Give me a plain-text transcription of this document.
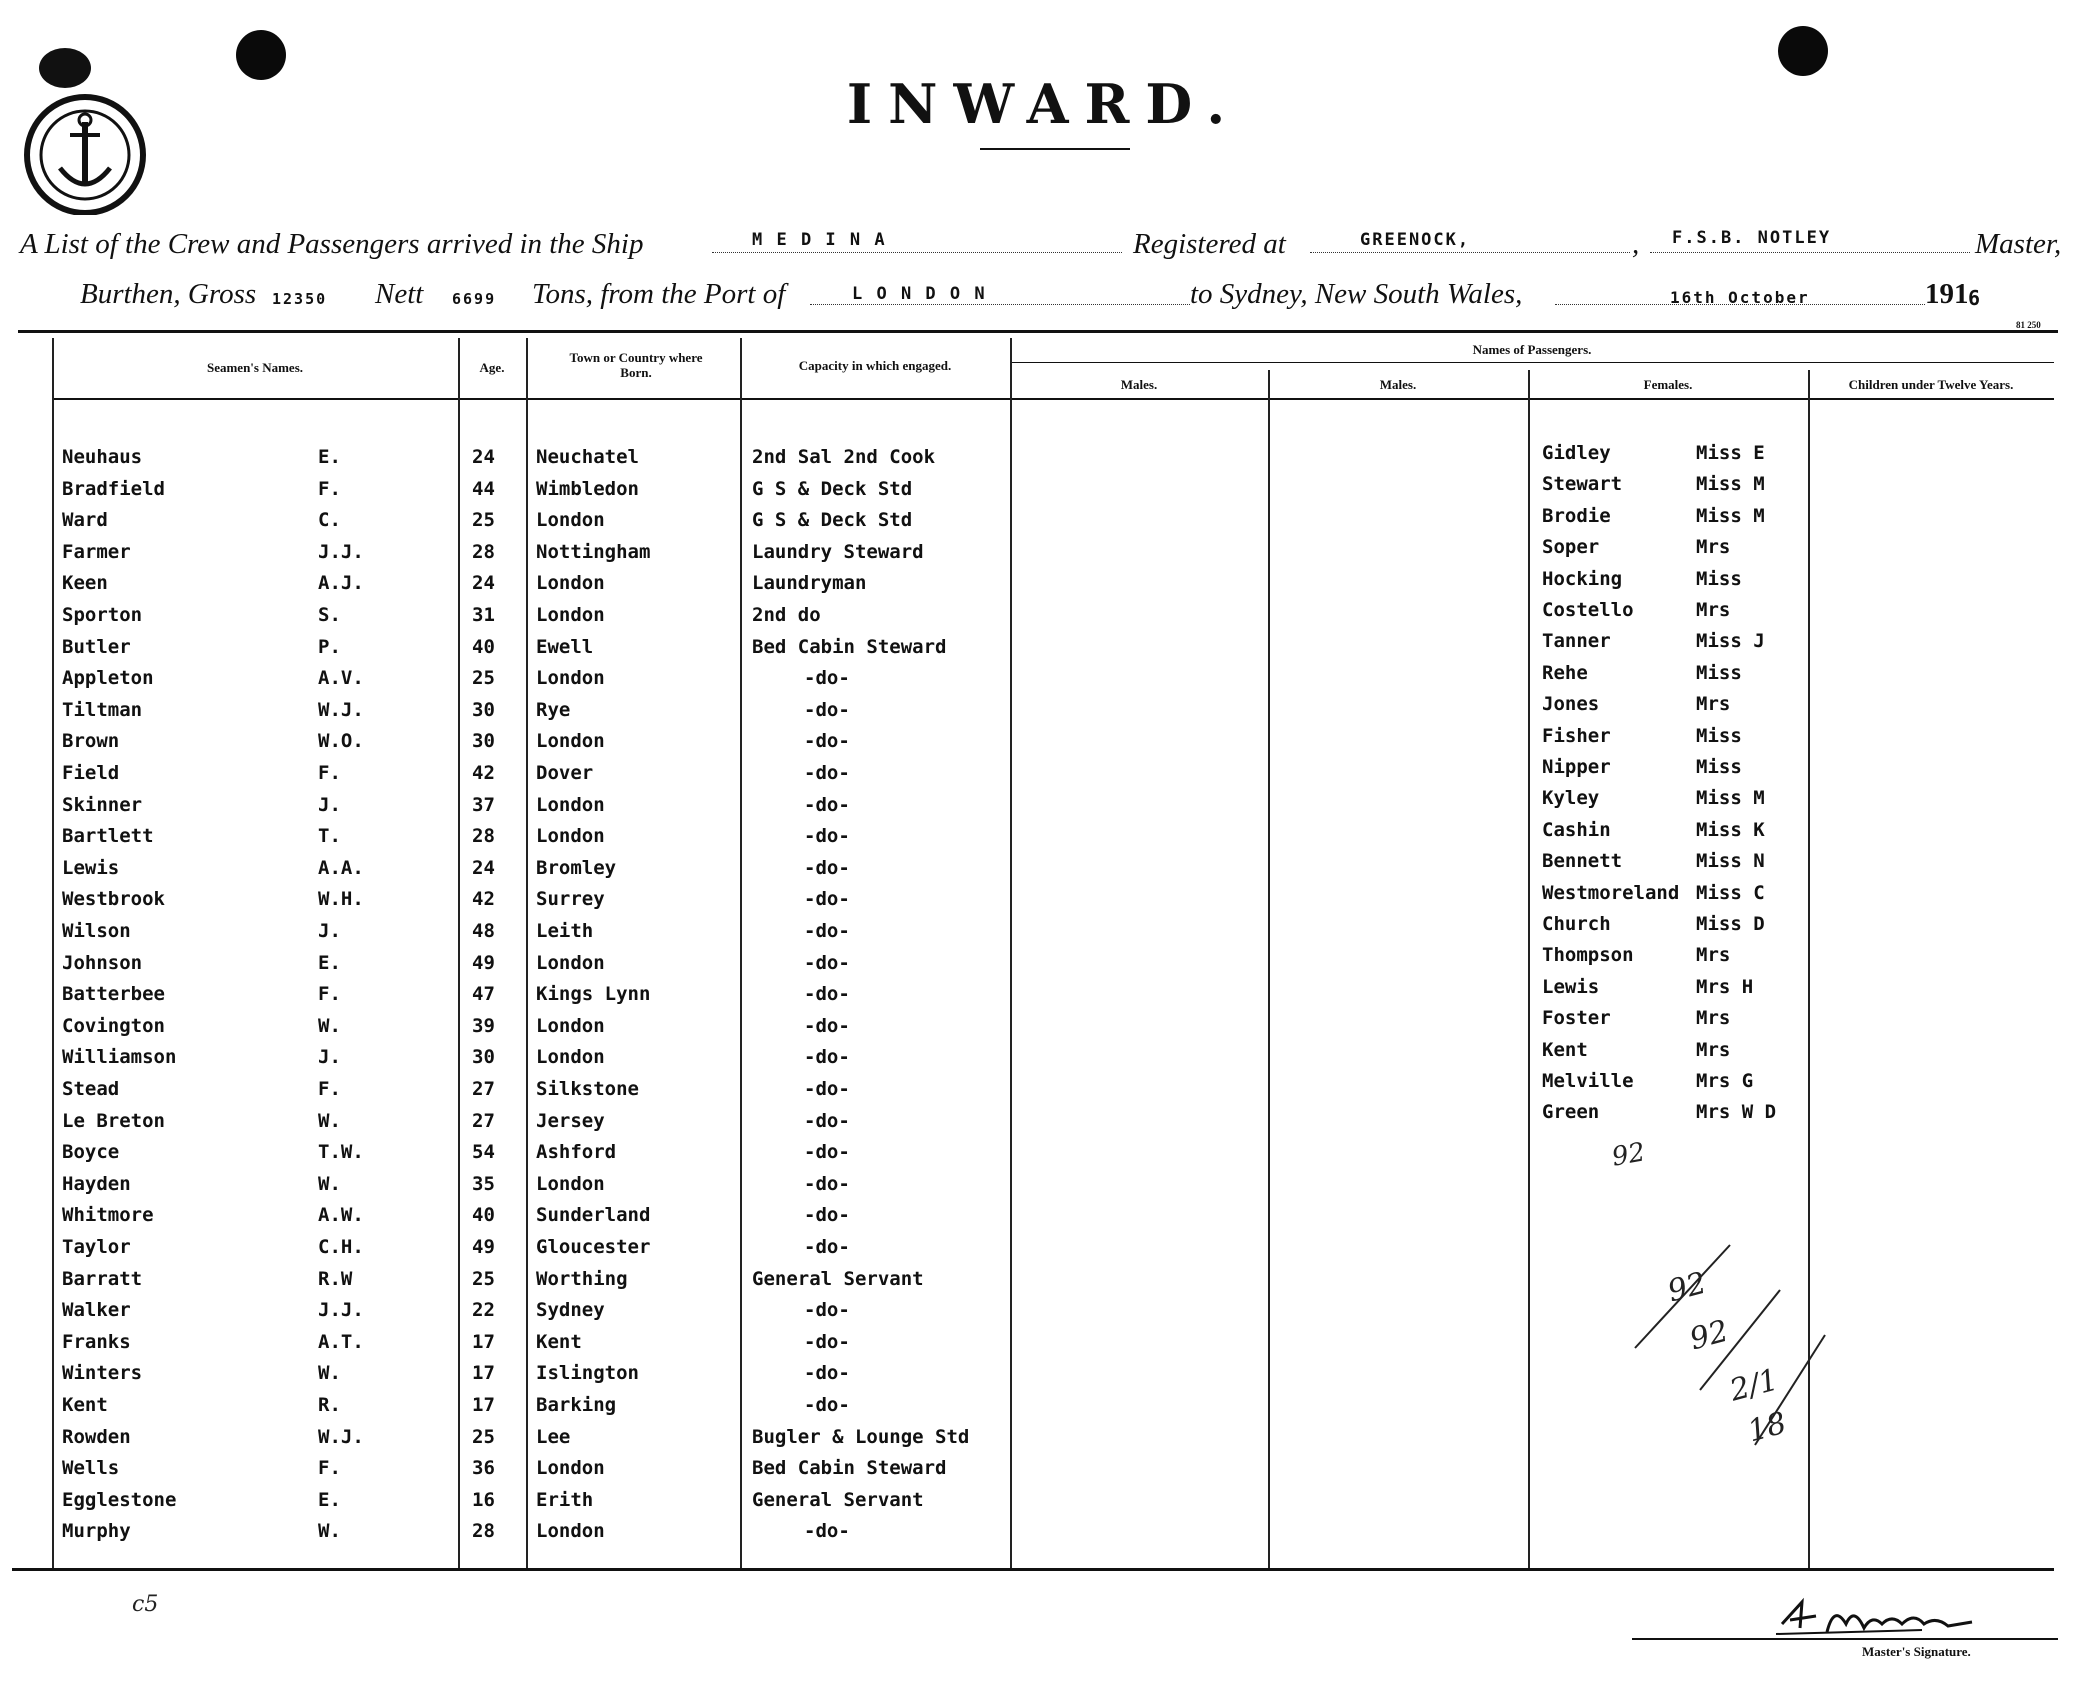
INWARD.
A List of the Crew and Passengers arrived in the Ship	M E D I N A	Registered at	GREENOCK,	, F.S.B. NOTLEY	Master,
Burthen, Gross 12350 Nett 6699 Tons, from the Port of	L O N D O N	to Sydney, New South Wales,	16th October	191 6
81 250
Seamen's Names.	Age.
Town or Country where Born.	Capacity in which engaged.
Names of Passengers.
Males.	Males.	Females.	Children under Twelve Years.
Neuhaus	E.	24 Neuchatel	2nd Sal 2nd Cook
Bradfield	F.	44 Wimbledon	G S & Deck Std
Ward	C.	25 London	G S & Deck Std
Farmer	J.J.	28 Nottingham	Laundry Steward
Keen	A.J.	24 London	Laundryman
Sporton	S.	31 London	2nd do
Butler	P.	40 Ewell	Bed Cabin Steward
Appleton	A.V.	25 London	-do-
Tiltman	W.J.	30 Rye	-do-
Brown	W.O.	30 London	-do-
Field	F.	42 Dover	-do-
Skinner	J.	37 London	-do-
Bartlett	T.	28 London	-do-
Lewis	A.A.	24 Bromley	-do-
Westbrook	W.H.	42 Surrey	-do-
Wilson	J.	48 Leith	-do-
Johnson	E.	49 London	-do-
Batterbee	F.	47 Kings Lynn	-do-
Covington	W.	39 London	-do-
Williamson	J.	30 London	-do-
Stead	F.	27 Silkstone	-do-
Le Breton	W.	27 Jersey	-do-
Boyce	T.W.	54 Ashford	-do-
Hayden	W.	35 London	-do-
Whitmore	A.W.	40 Sunderland	-do-
Taylor	C.H.	49 Gloucester	-do-
Barratt	R.W	25 Worthing	General Servant
Walker	J.J.	22 Sydney	-do-
Franks	A.T.	17 Kent	-do-
Winters	W.	17 Islington	-do-
Kent	R.	17 Barking	-do-
Rowden	W.J.	25 Lee	Bugler & Lounge Std
Wells	F.	36 London	Bed Cabin Steward
Egglestone	E.	16 Erith	General Servant
Murphy	W.	28 London	-do-
Gidley	Miss E
Stewart	Miss M
Brodie	Miss M
Soper	Mrs
Hocking	Miss
Costello	Mrs
Tanner	Miss J
Rehe	Miss
Jones	Mrs
Fisher	Miss
Nipper	Miss
Kyley	Miss M
Cashin	Miss K
Bennett	Miss N
Westmoreland Miss C
Church	Miss D
Thompson	Mrs
Lewis	Mrs H
Foster	Mrs
Kent	Mrs
Melville	Mrs G
Green	Mrs W D
92
92
92
2/1
18
c5
Master's Signature.
